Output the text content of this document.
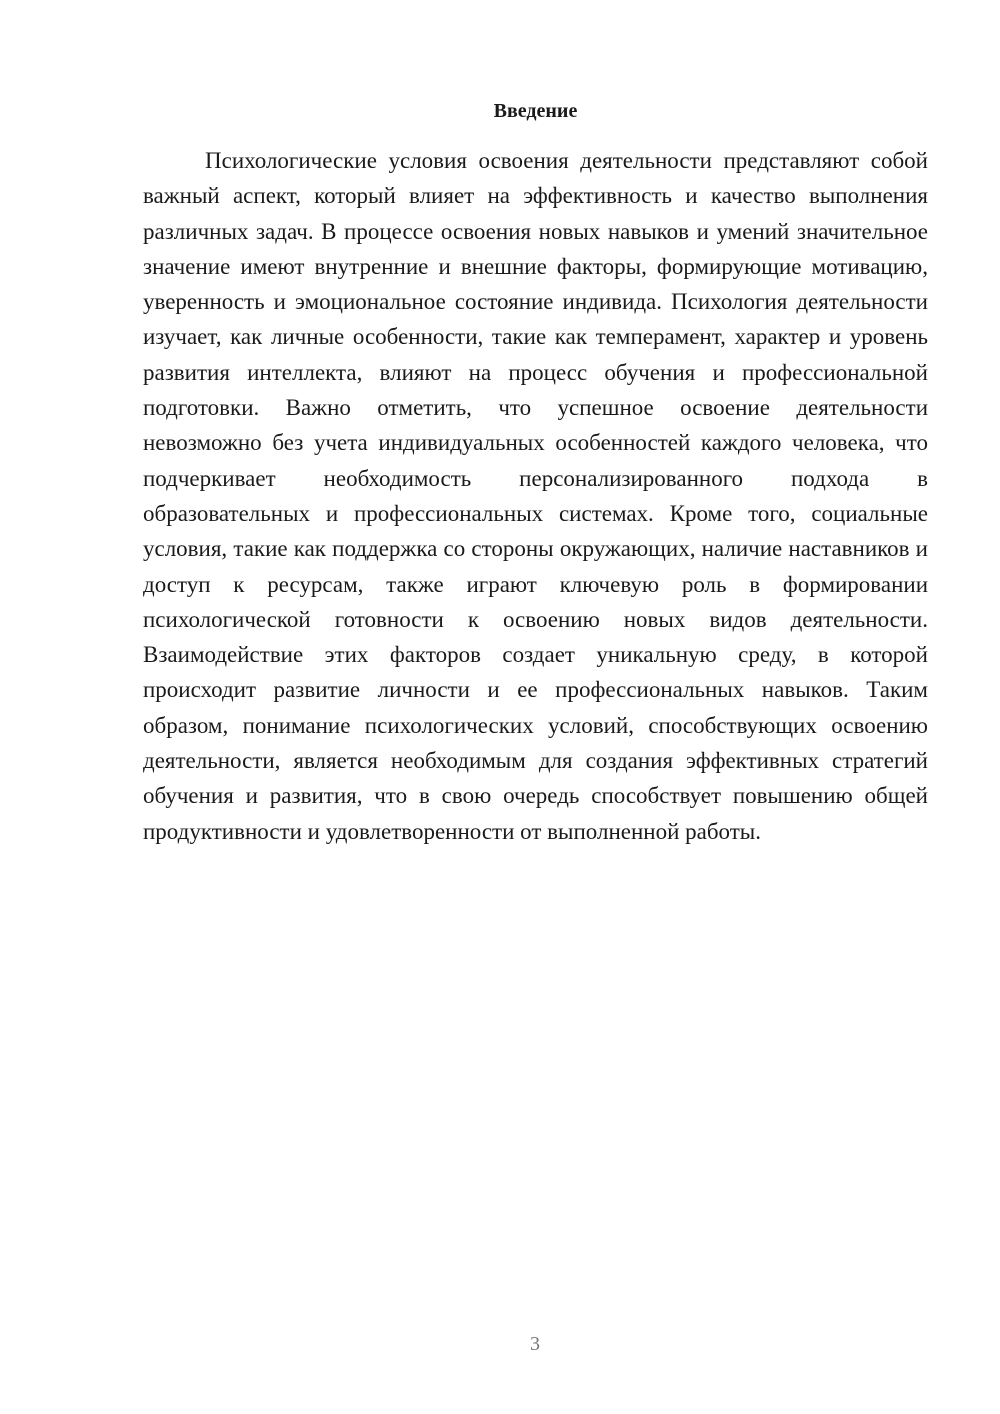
Введение

Психологические условия освоения деятельности представляют собой важный аспект, который влияет на эффективность и качество выполнения различных задач. В процессе освоения новых навыков и умений значительное значение имеют внутренние и внешние факторы, формирующие мотивацию, уверенность и эмоциональное состояние индивида. Психология деятельности изучает, как личные особенности, такие как темперамент, характер и уровень развития интеллекта, влияют на процесс обучения и профессиональной подготовки. Важно отметить, что успешное освоение деятельности невозможно без учета индивидуальных особенностей каждого человека, что подчеркивает необходимость персонализированного подхода в образовательных и профессиональных системах. Кроме того, социальные условия, такие как поддержка со стороны окружающих, наличие наставников и доступ к ресурсам, также играют ключевую роль в формировании психологической готовности к освоению новых видов деятельности. Взаимодействие этих факторов создает уникальную среду, в которой происходит развитие личности и ее профессиональных навыков. Таким образом, понимание психологических условий, способствующих освоению деятельности, является необходимым для создания эффективных стратегий обучения и развития, что в свою очередь способствует повышению общей продуктивности и удовлетворенности от выполненной работы.

3
